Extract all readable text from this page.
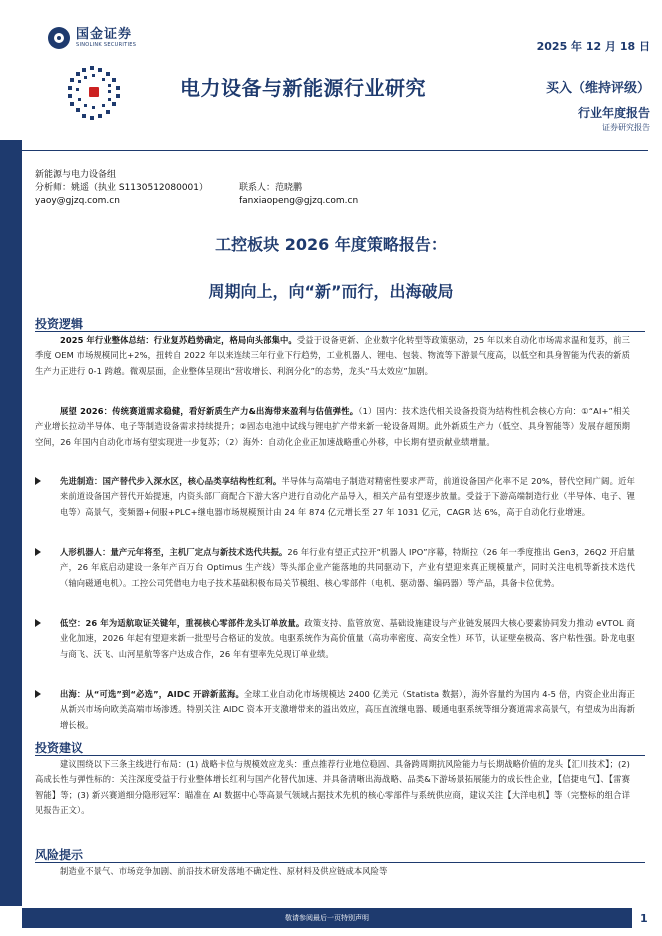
国金证券
SINOLINK SECURITIES	2025 年 12 月 18 日
电力设备与新能源行业研究	买入（维持评级）
行业年度报告
证券研究报告
新能源与电力设备组
分析师：姚遥（执业 S1130512080001）	联系人：范晓鹏
yaoy@gjzq.com.cn	fanxiaopeng@gjzq.com.cn
工控板块 2026 年度策略报告：
周期向上，向“新”而行，出海破局
投资逻辑
2025 年行业整体总结：行业复苏趋势确定，格局向头部集中。受益于设备更新、企业数字化转型等政策驱动，25 年以来自动化市场需求温和复苏，前三季度 OEM 市场规模同比+2%，扭转自 2022 年以来连续三年行业下行趋势，工业机器人、锂电、包装、物流等下游景气度高，以低空和具身智能为代表的新质生产力正进行 0-1 跨越。微观层面，企业整体呈现出“营收增长、利润分化”的态势，龙头“马太效应”加剧。
展望 2026：传统赛道需求稳健，看好新质生产力&出海带来盈利与估值弹性。（1）国内：技术迭代相关设备投资为结构性机会核心方向：①“AI+”相关产业增长拉动半导体、电子等制造设备需求持续提升；②固态电池中试线与锂电扩产带来新一轮设备周期。此外新质生产力（低空、具身智能等）发展存超预期空间，26 年国内自动化市场有望实现进一步复苏；（2）海外：自动化企业正加速战略重心外移，中长期有望贡献业绩增量。
先进制造：国产替代步入深水区，核心品类享结构性红利。半导体与高端电子制造对精密性要求严苛，前道设备国产化率不足 20%，替代空间广阔。近年来前道设备国产替代开始提速，内资头部厂商配合下游大客户进行自动化产品导入，相关产品有望逐步放量。受益于下游高端制造行业（半导体、电子、锂电等）高景气，变频器+伺服+PLC+继电器市场规模预计由 24 年 874 亿元增长至 27 年 1031 亿元，CAGR 达 6%，高于自动化行业增速。
人形机器人：量产元年将至，主机厂定点与新技术迭代共振。26 年行业有望正式拉开“机器人 IPO”序幕，特斯拉（26 年一季度推出 Gen3，26Q2 开启量产，26 年底启动建设一条年产百万台 Optimus 生产线）等头部企业产能落地的共同驱动下，产业有望迎来真正规模量产，同时关注电机等新技术迭代（轴向磁通电机）。工控公司凭借电力电子技术基础积极布局关节模组、核心零部件（电机、驱动器、编码器）等产品，具备卡位优势。
低空：26 年为适航取证关键年，重视核心零部件龙头订单放量。政策支持、监管放宽、基础设施建设与产业链发展四大核心要素协同发力推动 eVTOL 商业化加速，2026 年起有望迎来新一批型号合格证的发放。电驱系统作为高价值量（高功率密度、高安全性）环节，认证壁垒极高、客户粘性强。卧龙电驱与商飞、沃飞、山河星航等客户达成合作，26 年有望率先兑现订单业绩。
出海：从“可选”到“必选”，AIDC 开辟新蓝海。全球工业自动化市场规模达 2400 亿美元（Statista 数据），海外容量约为国内 4-5 倍，内资企业出海正从新兴市场向欧美高端市场渗透。特别关注 AIDC 资本开支激增带来的溢出效应，高压直流继电器、暖通电驱系统等细分赛道需求高景气，有望成为出海新增长极。
投资建议
建议围绕以下三条主线进行布局：(1) 战略卡位与规模效应龙头：重点推荐行业地位稳固、具备跨周期抗风险能力与长期战略价值的龙头【汇川技术】；(2) 高成长性与弹性标的：关注深度受益于行业整体增长红利与国产化替代加速、并具备清晰出海战略、品类&下游场景拓展能力的成长性企业，【信捷电气】、【雷赛智能】等；(3) 新兴赛道细分隐形冠军：瞄准在 AI 数据中心等高景气领域占据技术先机的核心零部件与系统供应商，建议关注【大洋电机】等（完整标的组合详见报告正文）。
风险提示
制造业不景气、市场竞争加剧、前沿技术研发落地不确定性、原材料及供应链成本风险等
敬请参阅最后一页特别声明	1
